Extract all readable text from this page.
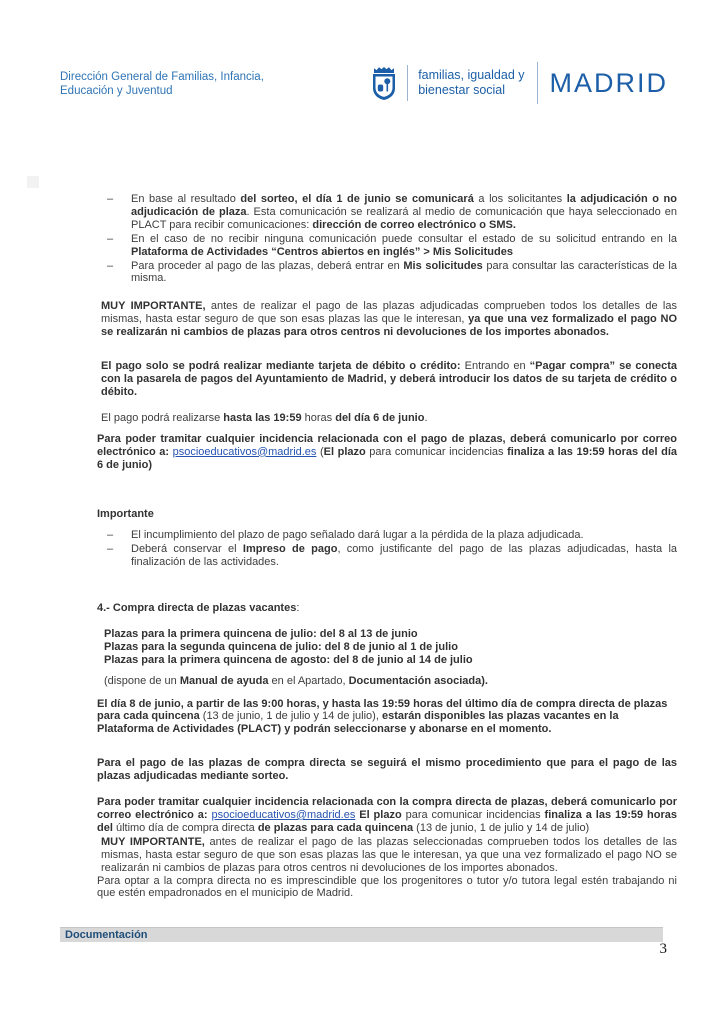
Dirección General de Familias, Infancia,
Educación y Juventud
familias, igualdad y
bienestar social	MADRID
– En base al resultado del sorteo, el día 1 de junio se comunicará a los solicitantes la adjudicación o no adjudicación de plaza. Esta comunicación se realizará al medio de comunicación que haya seleccionado en PLACT para recibir comunicaciones: dirección de correo electrónico o SMS.
– En el caso de no recibir ninguna comunicación puede consultar el estado de su solicitud entrando en la Plataforma de Actividades “Centros abiertos en inglés” > Mis Solicitudes
– Para proceder al pago de las plazas, deberá entrar en Mis solicitudes para consultar las características de la misma.
MUY IMPORTANTE, antes de realizar el pago de las plazas adjudicadas comprueben todos los detalles de las mismas, hasta estar seguro de que son esas plazas las que le interesan, ya que una vez formalizado el pago NO se realizarán ni cambios de plazas para otros centros ni devoluciones de los importes abonados.
El pago solo se podrá realizar mediante tarjeta de débito o crédito: Entrando en “Pagar compra” se conecta con la pasarela de pagos del Ayuntamiento de Madrid, y deberá introducir los datos de su tarjeta de crédito o débito.
El pago podrá realizarse hasta las 19:59 horas del día 6 de junio.
Para poder tramitar cualquier incidencia relacionada con el pago de plazas, deberá comunicarlo por correo electrónico a: psocioeducativos@madrid.es (El plazo para comunicar incidencias finaliza a las 19:59 horas del día 6 de junio)
Importante
– El incumplimiento del plazo de pago señalado dará lugar a la pérdida de la plaza adjudicada.
– Deberá conservar el Impreso de pago, como justificante del pago de las plazas adjudicadas, hasta la finalización de las actividades.
4.- Compra directa de plazas vacantes:
Plazas para la primera quincena de julio: del 8 al 13 de junio
Plazas para la segunda quincena de julio: del 8 de junio al 1 de julio
Plazas para la primera quincena de agosto: del 8 de junio al 14 de julio
(dispone de un Manual de ayuda en el Apartado, Documentación asociada).
El día 8 de junio, a partir de las 9:00 horas, y hasta las 19:59 horas del último día de compra directa de plazas para cada quincena (13 de junio, 1 de julio y 14 de julio), estarán disponibles las plazas vacantes en la Plataforma de Actividades (PLACT) y podrán seleccionarse y abonarse en el momento.
Para el pago de las plazas de compra directa se seguirá el mismo procedimiento que para el pago de las plazas adjudicadas mediante sorteo.
Para poder tramitar cualquier incidencia relacionada con la compra directa de plazas, deberá comunicarlo por correo electrónico a: psocioeducativos@madrid.es El plazo para comunicar incidencias finaliza a las 19:59 horas del último día de compra directa de plazas para cada quincena (13 de junio, 1 de julio y 14 de julio)
MUY IMPORTANTE, antes de realizar el pago de las plazas seleccionadas comprueben todos los detalles de las mismas, hasta estar seguro de que son esas plazas las que le interesan, ya que una vez formalizado el pago NO se realizarán ni cambios de plazas para otros centros ni devoluciones de los importes abonados.
Para optar a la compra directa no es imprescindible que los progenitores o tutor y/o tutora legal estén trabajando ni que estén empadronados en el municipio de Madrid.
Documentación
3
